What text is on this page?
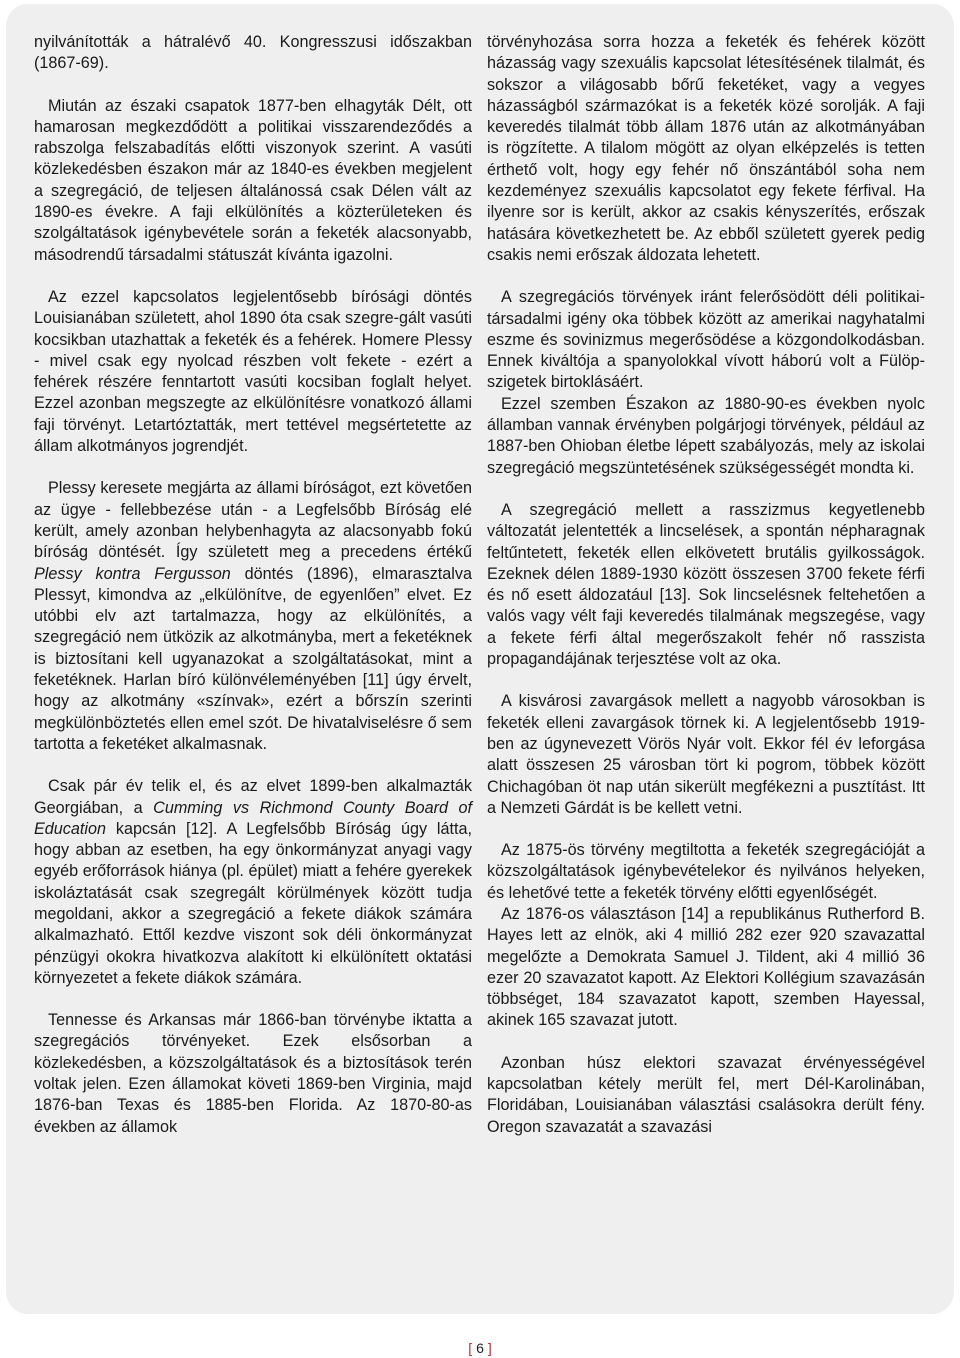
nyilvánították a hátralévő 40. Kongresszusi időszakban (1867-69).

Miután az északi csapatok 1877-ben elhagyták Délt, ott hamarosan megkezdődött a politikai visszarendeződés a rabszolga felszabadítás előtti viszonyok szerint. A vasúti közlekedésben északon már az 1840-es években megjelent a szegregáció, de teljesen általánossá csak Délen vált az 1890-es évekre. A faji elkülönítés a közterületeken és szolgáltatások igénybevétele során a feketék alacsonyabb, másodrendű társadalmi státuszát kívánta igazolni.

Az ezzel kapcsolatos legjelentősebb bírósági döntés Louisianában született, ahol 1890 óta csak szegre-gált vasúti kocsikban utazhattak a feketék és a fehérek. Homere Plessy - mivel csak egy nyolcad részben volt fekete - ezért a fehérek részére fenntartott vasúti kocsiban foglalt helyet. Ezzel azonban megszegte az elkülönítésre vonatkozó állami faji törvényt. Letartóztatták, mert tettével megsértetette az állam alkotmányos jogrendjét.

Plessy keresete megjárta az állami bíróságot, ezt követően az ügye - fellebbezése után - a Legfelsőbb Bíróság elé került, amely azonban helybenhagyta az alacsonyabb fokú bíróság döntését. Így született meg a precedens értékű Plessy kontra Fergusson döntés (1896), elmarasztalva Plessyt, kimondva az „elkülönítve, de egyenlően” elvet. Ez utóbbi elv azt tartalmazza, hogy az elkülönítés, a szegregáció nem ütközik az alkotmányba, mert a feketéknek is biztosítani kell ugyanazokat a szolgáltatásokat, mint a feketéknek. Harlan bíró különvéleményében [11] úgy érvelt, hogy az alkotmány «színvak», ezért a bőrszín szerinti megkülönböztetés ellen emel szót. De hivatalviselésre ő sem tartotta a feketéket alkalmasnak.

Csak pár év telik el, és az elvet 1899-ben alkalmazták Georgiában, a Cumming vs Richmond County Board of Education kapcsán [12]. A Legfelsőbb Bíróság úgy látta, hogy abban az esetben, ha egy önkormányzat anyagi vagy egyéb erőforrások hiánya (pl. épület) miatt a fehére gyerekek iskoláztatását csak szegregált körülmények között tudja megoldani, akkor a szegregáció a fekete diákok számára alkalmazható. Ettől kezdve viszont sok déli önkormányzat pénzügyi okokra hivatkozva alakított ki elkülönített oktatási környezetet a fekete diákok számára.

Tennesse és Arkansas már 1866-ban törvénybe iktatta a szegregációs törvényeket. Ezek elsősorban a közlekedésben, a közszolgáltatások és a biztosítások terén voltak jelen. Ezen államokat követi 1869-ben Virginia, majd 1876-ban Texas és 1885-ben Florida. Az 1870-80-as években az államok

törvényhozása sorra hozza a feketék és fehérek között házasság vagy szexuális kapcsolat létesítésének tilalmát, és sokszor a világosabb bőrű feketéket, vagy a vegyes házasságból származókat is a feketék közé sorolják. A faji keveredés tilalmát több állam 1876 után az alkotmányában is rögzítette. A tilalom mögött az olyan elképzelés is tetten érthető volt, hogy egy fehér nő önszántából soha nem kezdeményez szexuális kapcsolatot egy fekete férfival. Ha ilyenre sor is került, akkor az csakis kényszerítés, erőszak hatására következhetett be. Az ebből született gyerek pedig csakis nemi erőszak áldozata lehetett.

A szegregációs törvények iránt felerősödött déli politikai-társadalmi igény oka többek között az amerikai nagyhatalmi eszme és sovinizmus megerősödése a közgondolkodásban. Ennek kiváltója a spanyolokkal vívott háború volt a Fülöp-szigetek birtoklásáért.

Ezzel szemben Északon az 1880-90-es években nyolc államban vannak érvényben polgárjogi törvények, például az 1887-ben Ohioban életbe lépett szabályozás, mely az iskolai szegregáció megszüntetésének szükségességét mondta ki.

A szegregáció mellett a rasszizmus kegyetlenebb változatát jelentették a lincselések, a spontán népharagnak feltűntetett, feketék ellen elkövetett brutális gyilkosságok. Ezeknek délen 1889-1930 között összesen 3700 fekete férfi és nő esett áldozatául [13]. Sok lincselésnek feltehetően a valós vagy vélt faji keveredés tilalmának megszegése, vagy a fekete férfi által megerőszakolt fehér nő rasszista propagandájának terjesztése volt az oka.

A kisvárosi zavargások mellett a nagyobb városokban is feketék elleni zavargások törnek ki. A legjelentősebb 1919-ben az úgynevezett Vörös Nyár volt. Ekkor fél év leforgása alatt összesen 25 városban tört ki pogrom, többek között Chichagóban öt nap után sikerült megfékezni a pusztítást. Itt a Nemzeti Gárdát is be kellett vetni.

Az 1875-ös törvény megtiltotta a feketék szegregációját a közszolgáltatások igénybevételekor és nyilvános helyeken, és lehetővé tette a feketék törvény előtti egyenlőségét.

Az 1876-os választáson [14] a republikánus Rutherford B. Hayes lett az elnök, aki 4 millió 282 ezer 920 szavazattal megelőzte a Demokrata Samuel J. Tildent, aki 4 millió 36 ezer 20 szavazatot kapott. Az Elektori Kollégium szavazásán többséget, 184 szavazatot kapott, szemben Hayessal, akinek 165 szavazat jutott.

Azonban húsz elektori szavazat érvényességével kapcsolatban kétely merült fel, mert Dél-Karolinában, Floridában, Louisianában választási csalásokra derült fény. Oregon szavazatát a szavazási

[ 6 ]
